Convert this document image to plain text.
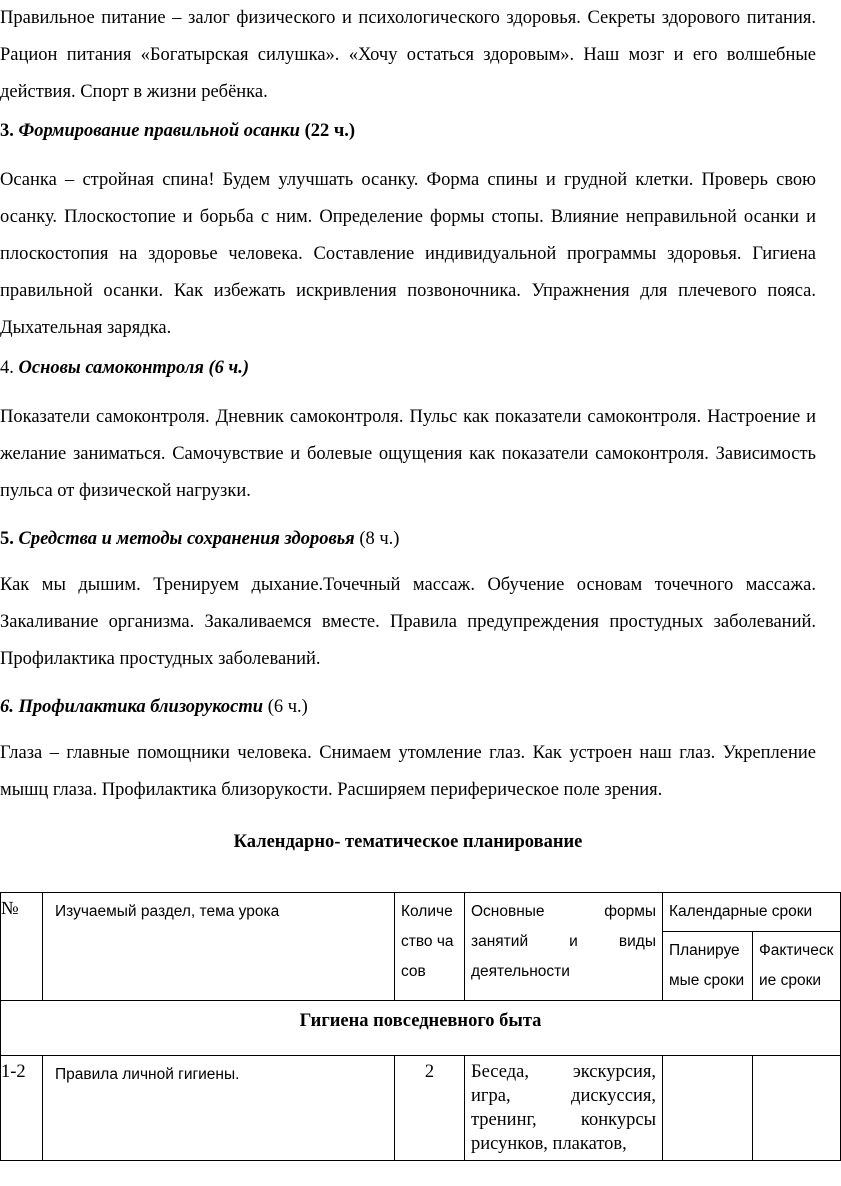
Правильное питание – залог физического и психологического здоровья. Секреты здорового питания. Рацион питания «Богатырская силушка». «Хочу остаться здоровым». Наш мозг и его волшебные действия. Спорт в жизни ребёнка.

3. Формирование правильной осанки (22 ч.)

Осанка – стройная спина! Будем улучшать осанку. Форма спины и грудной клетки. Проверь свою осанку. Плоскостопие и борьба с ним. Определение формы стопы. Влияние неправильной осанки и плоскостопия на здоровье человека. Составление индивидуальной программы здоровья. Гигиена правильной осанки. Как избежать искривления позвоночника. Упражнения для плечевого пояса. Дыхательная зарядка.

4. Основы самоконтроля (6 ч.)

Показатели самоконтроля. Дневник самоконтроля. Пульс как показатели самоконтроля. Настроение и желание заниматься. Самочувствие и болевые ощущения как показатели самоконтроля. Зависимость пульса от физической нагрузки.

5. Средства и методы сохранения здоровья (8 ч.)

Как мы дышим. Тренируем дыхание.Точечный массаж. Обучение основам точечного массажа. Закаливание организма. Закаливаемся вместе. Правила предупреждения простудных заболеваний. Профилактика простудных заболеваний.

6. Профилактика близорукости (6 ч.)

Глаза – главные помощники человека. Снимаем утомление глаз. Как устроен наш глаз. Укрепление мышц глаза. Профилактика близорукости. Расширяем периферическое поле зрения.

Календарно- тематическое планирование
№	Изучаемый раздел, тема урока	Количество часов	Основные формы занятий и виды деятельности	Календарные сроки	
				Планируемые сроки	Фактические сроки
Гигиена повседневного быта					
1-2	Правила личной гигиены.	2	Беседа, экскурсия, игра, дискуссия, тренинг, конкурсы рисунков, плакатов,		
